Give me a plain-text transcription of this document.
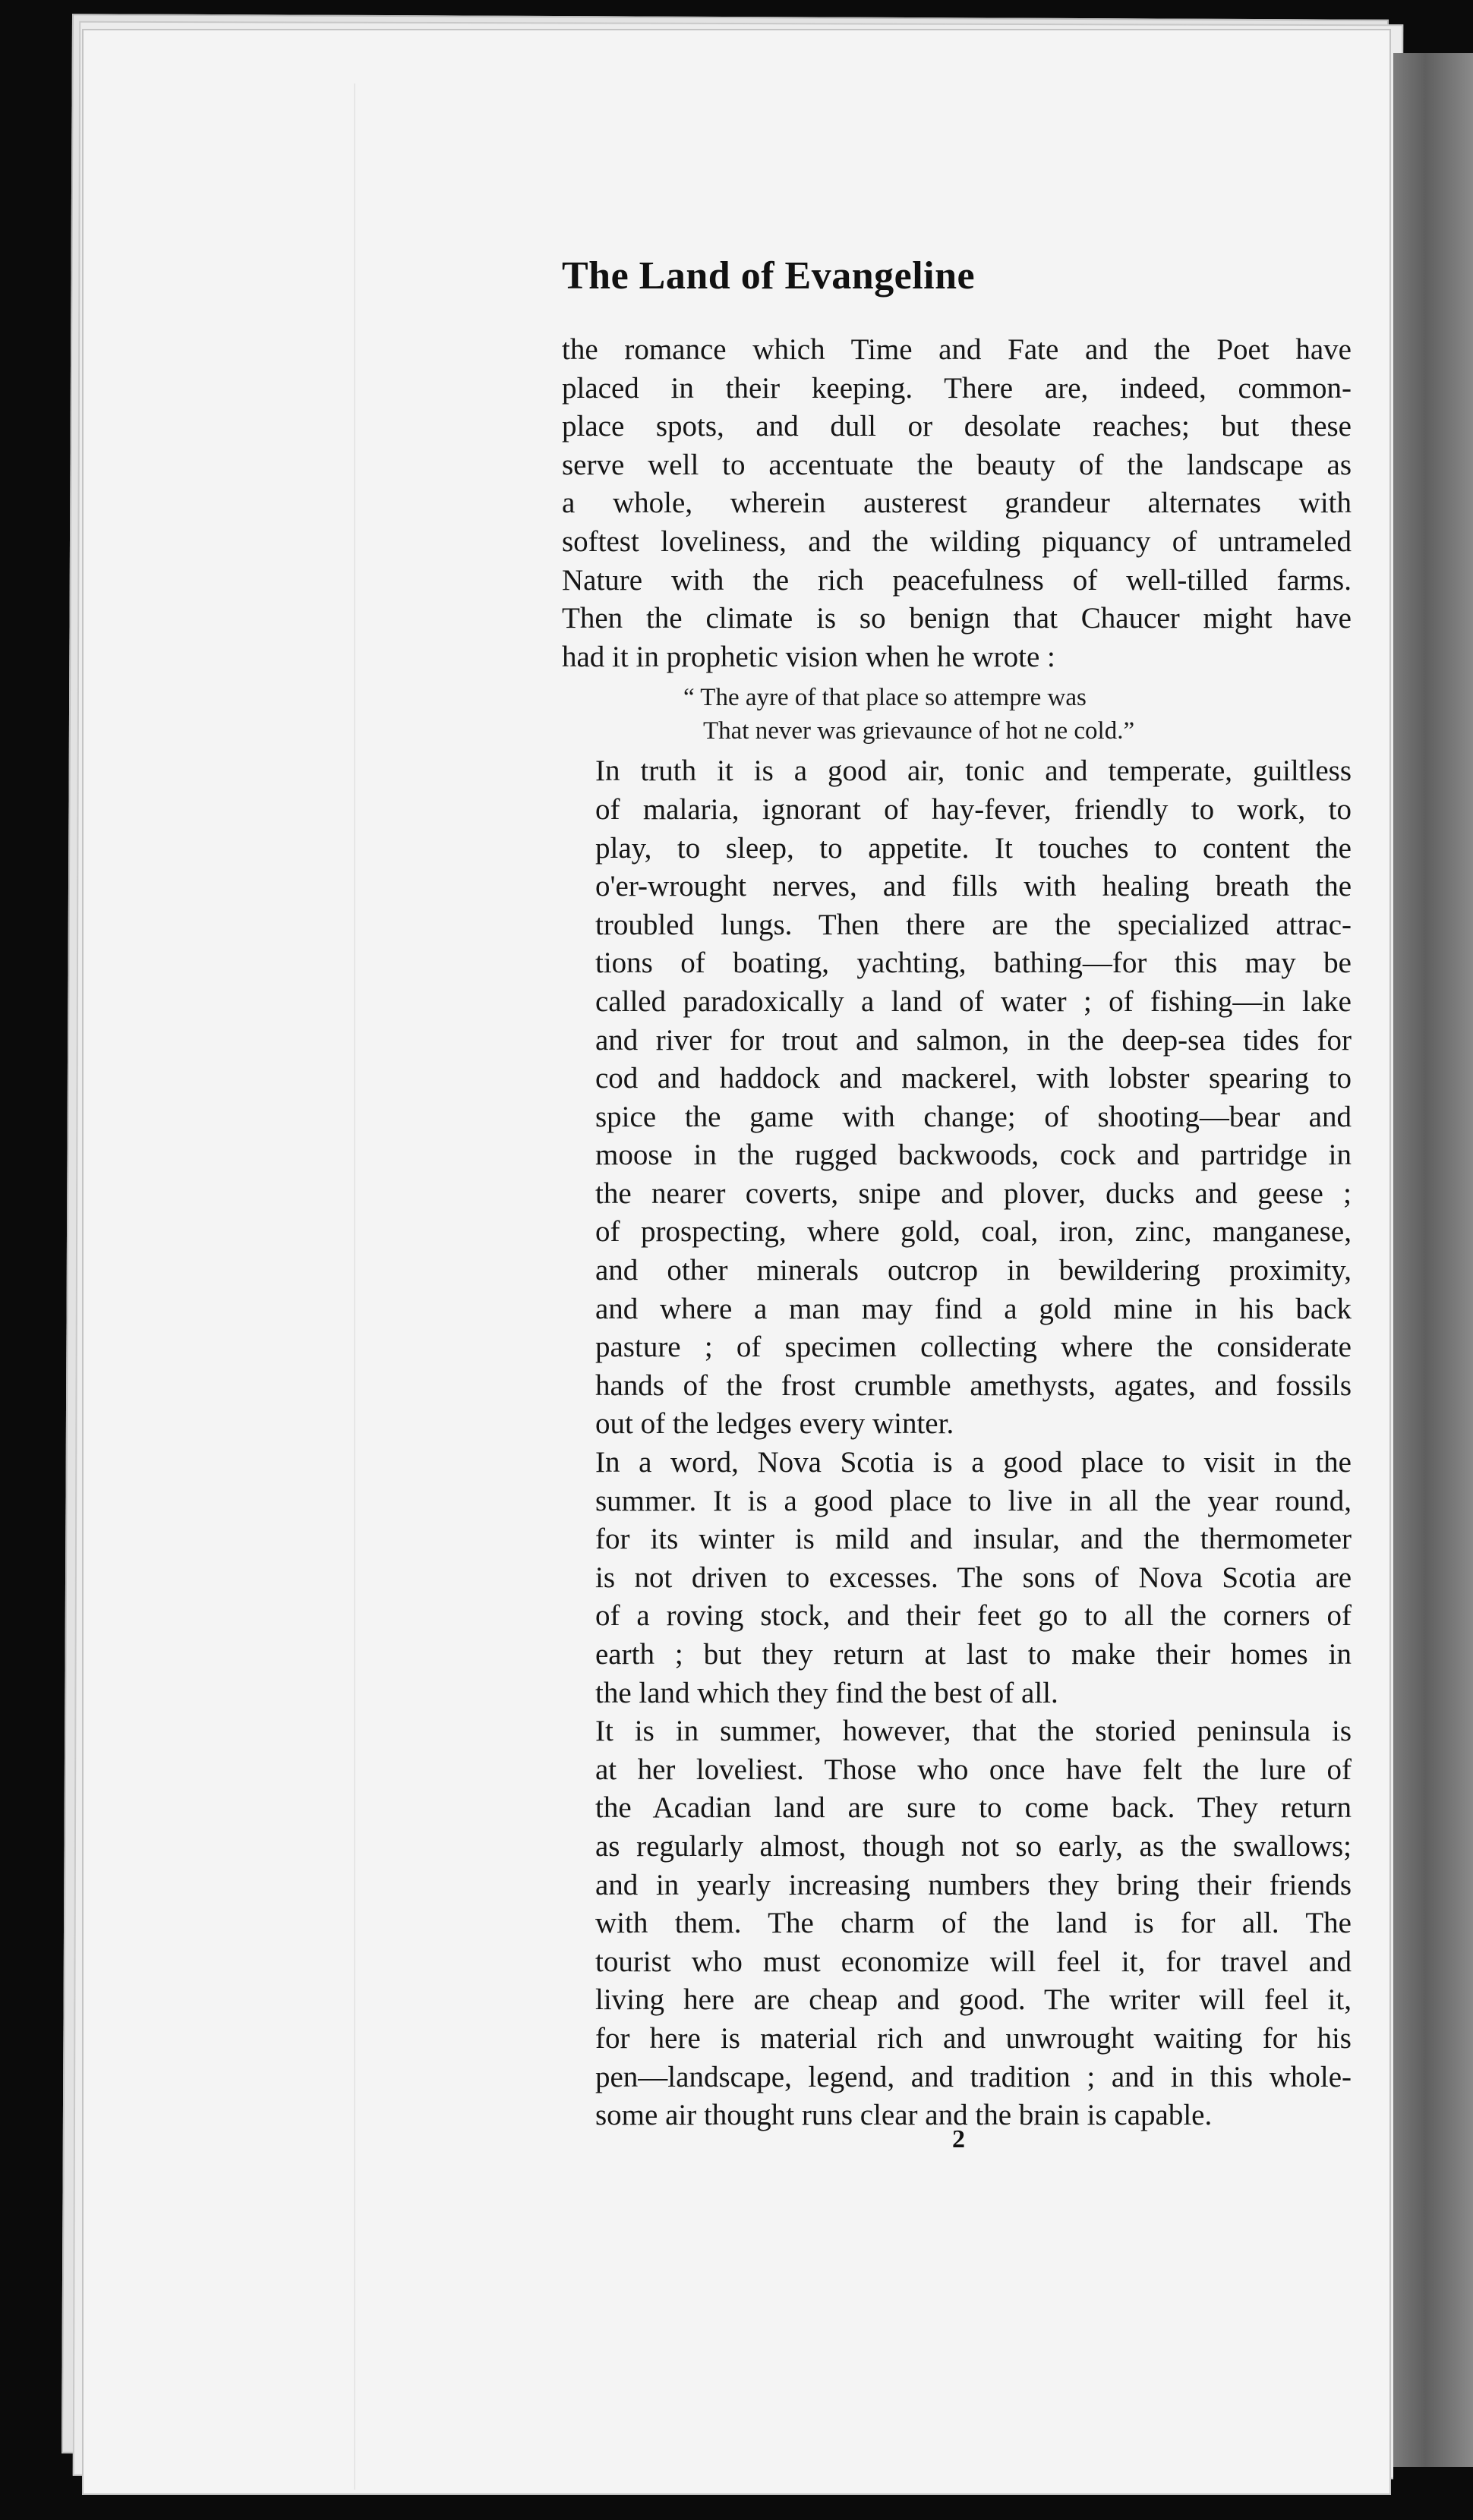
The Land of Evangeline

the romance which Time and Fate and the Poet have
placed in their keeping. There are, indeed, common-
place spots, and dull or desolate reaches; but these
serve well to accentuate the beauty of the landscape as
a whole, wherein austerest grandeur alternates with
softest loveliness, and the wilding piquancy of untrameled
Nature with the rich peacefulness of well-tilled farms.
Then the climate is so benign that Chaucer might have
had it in prophetic vision when he wrote :

“ The ayre of that place so attempre was
That never was grievaunce of hot ne cold.”

In truth it is a good air, tonic and temperate, guiltless
of malaria, ignorant of hay-fever, friendly to work, to
play, to sleep, to appetite. It touches to content the
o'er-wrought nerves, and fills with healing breath the
troubled lungs. Then there are the specialized attrac-
tions of boating, yachting, bathing—for this may be
called paradoxically a land of water ; of fishing—in lake
and river for trout and salmon, in the deep-sea tides for
cod and haddock and mackerel, with lobster spearing to
spice the game with change; of shooting—bear and
moose in the rugged backwoods, cock and partridge in
the nearer coverts, snipe and plover, ducks and geese ;
of prospecting, where gold, coal, iron, zinc, manganese,
and other minerals outcrop in bewildering proximity,
and where a man may find a gold mine in his back
pasture ; of specimen collecting where the considerate
hands of the frost crumble amethysts, agates, and fossils
out of the ledges every winter.

In a word, Nova Scotia is a good place to visit in the
summer. It is a good place to live in all the year round,
for its winter is mild and insular, and the thermometer
is not driven to excesses. The sons of Nova Scotia are
of a roving stock, and their feet go to all the corners of
earth ; but they return at last to make their homes in
the land which they find the best of all.

It is in summer, however, that the storied peninsula is
at her loveliest. Those who once have felt the lure of
the Acadian land are sure to come back. They return
as regularly almost, though not so early, as the swallows;
and in yearly increasing numbers they bring their friends
with them. The charm of the land is for all. The
tourist who must economize will feel it, for travel and
living here are cheap and good. The writer will feel it,
for here is material rich and unwrought waiting for his
pen—landscape, legend, and tradition ; and in this whole-
some air thought runs clear and the brain is capable.

2
